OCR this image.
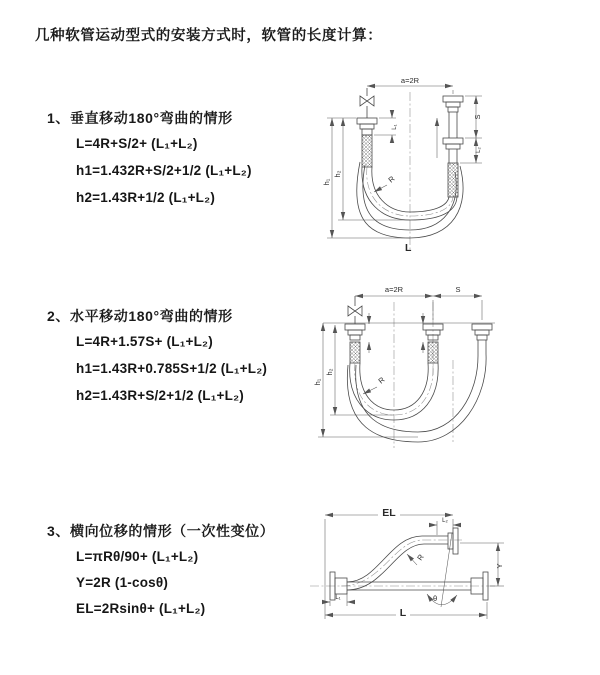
几种软管运动型式的安装方式时，软管的长度计算：
1、垂直移动180°弯曲的情形
L=4R+S/2+ (L₁+L₂)
h1=1.432R+S/2+1/2 (L₁+L₂)
h2=1.43R+1/2 (L₁+L₂)
2、水平移动180°弯曲的情形
L=4R+1.57S+ (L₁+L₂)
h1=1.43R+0.785S+1/2 (L₁+L₂)
h2=1.43R+S/2+1/2 (L₁+L₂)
3、横向位移的情形（一次性变位）
L=πRθ/90+ (L₁+L₂)
Y=2R (1-cosθ)
EL=2Rsinθ+ (L₁+L₂)
a=2R
h₁
h₂
L₁
S
L₂
R
L
a=2R	S
h₁
h₂
R
EL
L₂
Y
R
θ
L
L₁
